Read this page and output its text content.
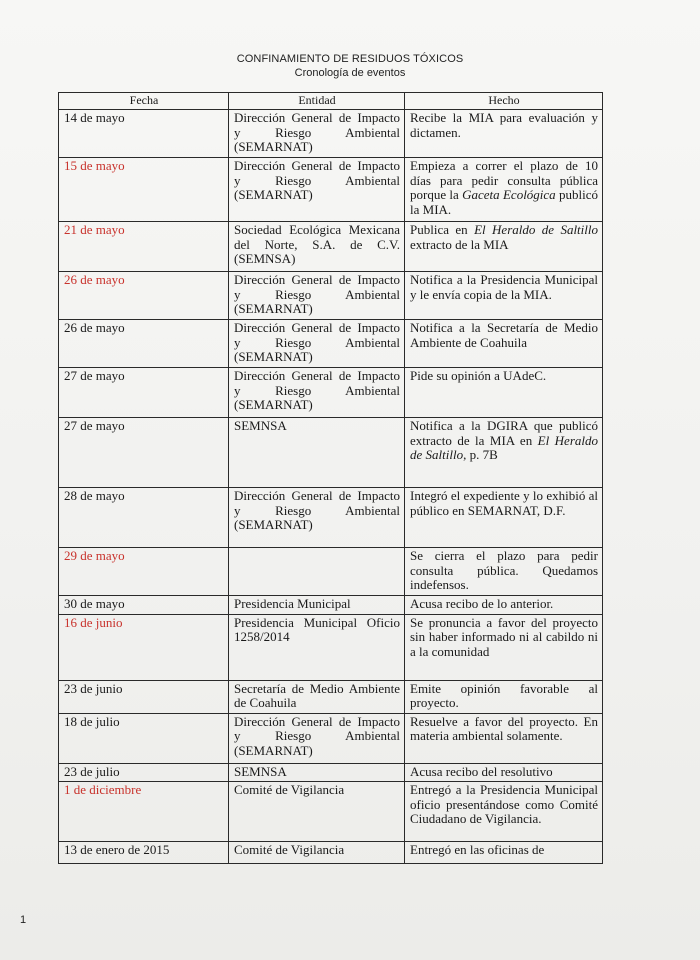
CONFINAMIENTO DE RESIDUOS TÓXICOS
Cronología de eventos
Fecha	Entidad	Hecho
14 de mayo	Dirección General de Impacto y Riesgo Ambiental (SEMARNAT)	Recibe la MIA para evaluación y dictamen.
15 de mayo	Dirección General de Impacto y Riesgo Ambiental (SEMARNAT)	Empieza a correr el plazo de 10 días para pedir consulta pública porque la Gaceta Ecológica publicó la MIA.
21 de mayo	Sociedad Ecológica Mexicana del Norte, S.A. de C.V. (SEMNSA)	Publica en El Heraldo de Saltillo extracto de la MIA
26 de mayo	Dirección General de Impacto y Riesgo Ambiental (SEMARNAT)	Notifica a la Presidencia Municipal y le envía copia de la MIA.
26 de mayo	Dirección General de Impacto y Riesgo Ambiental (SEMARNAT)	Notifica a la Secretaría de Medio Ambiente de Coahuila
27 de mayo	Dirección General de Impacto y Riesgo Ambiental (SEMARNAT)	Pide su opinión a UAdeC.
27 de mayo	SEMNSA	Notifica a la DGIRA que publicó extracto de la MIA en El Heraldo de Saltillo, p. 7B
28 de mayo	Dirección General de Impacto y Riesgo Ambiental (SEMARNAT)	Integró el expediente y lo exhibió al público en SEMARNAT, D.F.
29 de mayo		Se cierra el plazo para pedir consulta pública. Quedamos indefensos.
30 de mayo	Presidencia Municipal	Acusa recibo de lo anterior.
16 de junio	Presidencia Municipal Oficio 1258/2014	Se pronuncia a favor del proyecto sin haber informado ni al cabildo ni a la comunidad
23 de junio	Secretaría de Medio Ambiente de Coahuila	Emite opinión favorable al proyecto.
18 de julio	Dirección General de Impacto y Riesgo Ambiental (SEMARNAT)	Resuelve a favor del proyecto. En materia ambiental solamente.
23 de julio	SEMNSA	Acusa recibo del resolutivo
1 de diciembre	Comité de Vigilancia	Entregó a la Presidencia Municipal oficio presentándose como Comité Ciudadano de Vigilancia.
13 de enero de 2015	Comité de Vigilancia	Entregó en las oficinas de
1
